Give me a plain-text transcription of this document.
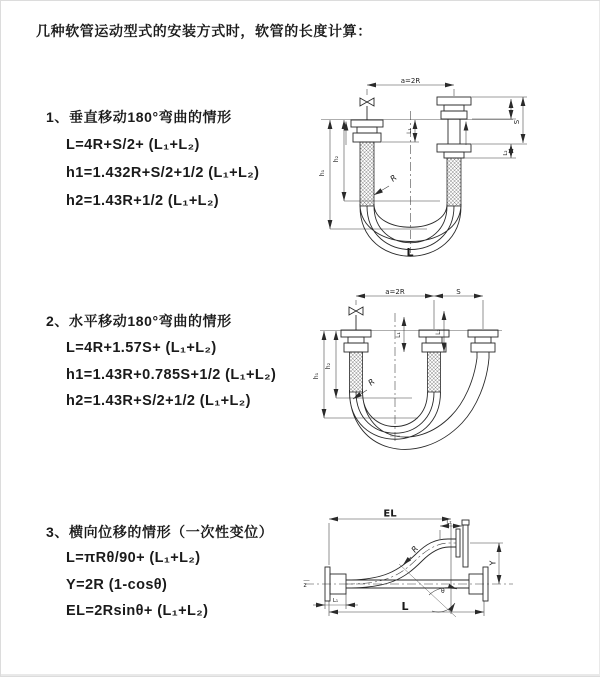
几种软管运动型式的安装方式时，软管的长度计算：
1、垂直移动180°弯曲的情形
L=4R+S/2+ (L₁+L₂)
h1=1.432R+S/2+1/2 (L₁+L₂)
h2=1.43R+1/2 (L₁+L₂)
a=2R
S
L₂
L₁
h₁
h₂
R
L
2、水平移动180°弯曲的情形
L=4R+1.57S+ (L₁+L₂)
h1=1.43R+0.785S+1/2 (L₁+L₂)
h2=1.43R+S/2+1/2 (L₁+L₂)
a=2R	S
L₁
L₂
h₁
h₂
R
3、横向位移的情形（一次性变位）
L=πRθ/90+ (L₁+L₂)
Y=2R (1-cosθ)
EL=2Rsinθ+ (L₁+L₂)
EL
L₂
Y
L
L₁
R
θ
z
